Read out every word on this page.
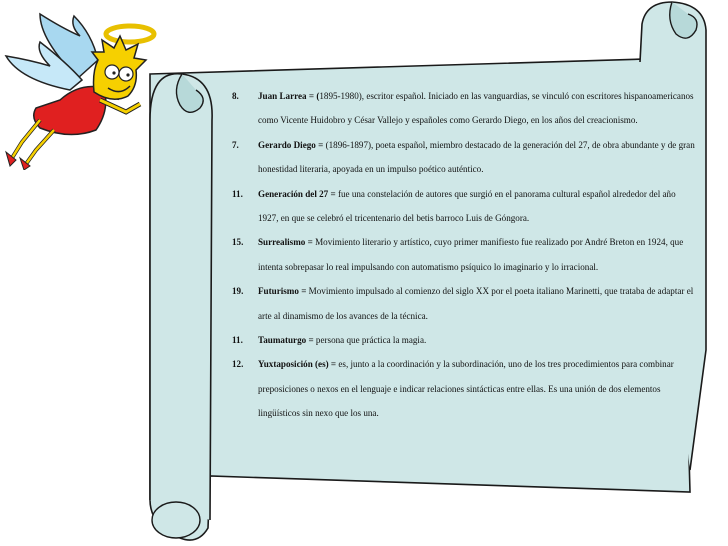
8. Juan Larrea = (1895-1980), escritor español. Iniciado en las vanguardias, se vinculó con escritores hispanoamericanos como Vicente Huidobro y César Vallejo y españoles como Gerardo Diego, en los años del creacionismo.
7. Gerardo Diego = (1896-1897), poeta español, miembro destacado de la generación del 27, de obra abundante y de gran honestidad literaria, apoyada en un impulso poético auténtico.
11. Generación del 27 = fue una constelación de autores que surgió en el panorama cultural español alrededor del año 1927, en que se celebró el tricentenario del betis barroco Luis de Góngora.
15. Surrealismo = Movimiento literario y artístico, cuyo primer manifiesto fue realizado por André Breton en 1924, que intenta sobrepasar lo real impulsando con automatismo psíquico lo imaginario y lo irracional.
19. Futurismo = Movimiento impulsado al comienzo del siglo XX por el poeta italiano Marinetti, que trataba de adaptar el arte al dinamismo de los avances de la técnica.
11. Taumaturgo = persona que práctica la magia.
12. Yuxtaposición (es) = es, junto a la coordinación y la subordinación, uno de los tres procedimientos para combinar preposiciones o nexos en el lenguaje e indicar relaciones sintácticas entre ellas. Es una unión de dos elementos lingüísticos sin nexo que los una.
